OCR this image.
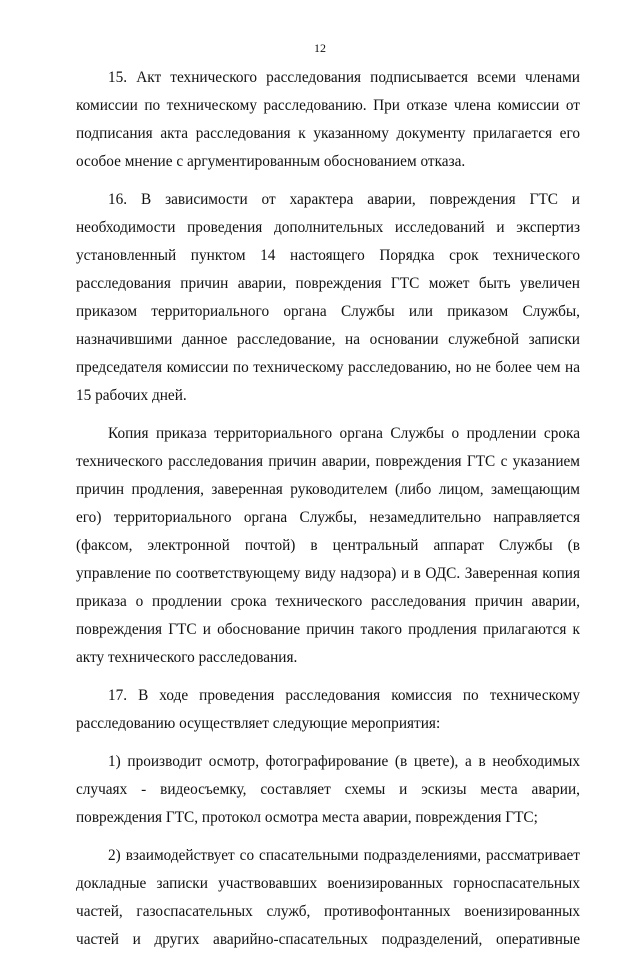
12

15. Акт технического расследования подписывается всеми членами комиссии по техническому расследованию. При отказе члена комиссии от подписания акта расследования к указанному документу прилагается его особое мнение с аргументированным обоснованием отказа.

16. В зависимости от характера аварии, повреждения ГТС и необходимости проведения дополнительных исследований и экспертиз установленный пунктом 14 настоящего Порядка срок технического расследования причин аварии, повреждения ГТС может быть увеличен приказом территориального органа Службы или приказом Службы, назначившими данное расследование, на основании служебной записки председателя комиссии по техническому расследованию, но не более чем на 15 рабочих дней.

Копия приказа территориального органа Службы о продлении срока технического расследования причин аварии, повреждения ГТС с указанием причин продления, заверенная руководителем (либо лицом, замещающим его) территориального органа Службы, незамедлительно направляется (факсом, электронной почтой) в центральный аппарат Службы (в управление по соответствующему виду надзора) и в ОДС. Заверенная копия приказа о продлении срока технического расследования причин аварии, повреждения ГТС и обоснование причин такого продления прилагаются к акту технического расследования.

17. В ходе проведения расследования комиссия по техническому расследованию осуществляет следующие мероприятия:

1) производит осмотр, фотографирование (в цвете), а в необходимых случаях - видеосъемку, составляет схемы и эскизы места аварии, повреждения ГТС, протокол осмотра места аварии, повреждения ГТС;

2) взаимодействует со спасательными подразделениями, рассматривает докладные записки участвовавших военизированных горноспасательных частей, газоспасательных служб, противофонтанных военизированных частей и других аварийно-спасательных подразделений, оперативные
